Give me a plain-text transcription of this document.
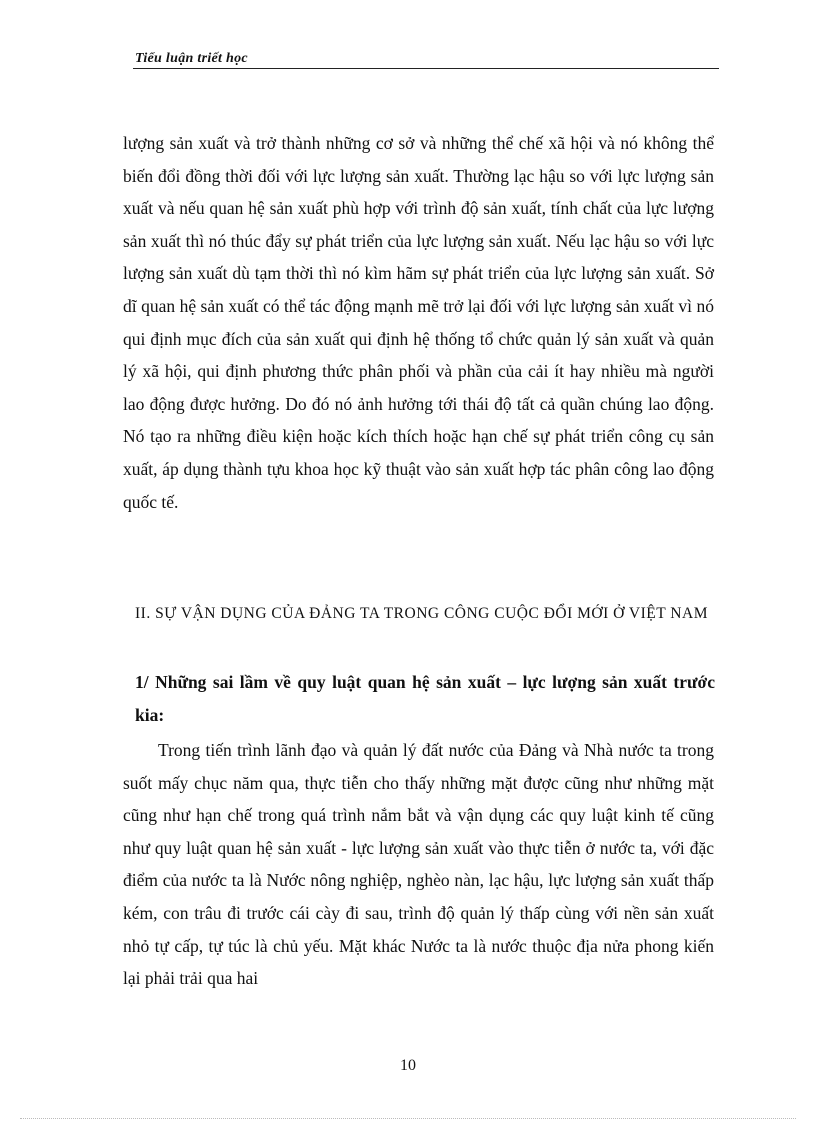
Tiểu luận triết học
lượng sản xuất và trở thành những cơ sở và những thể chế xã hội và nó không thể biến đổi đồng thời đối với lực lượng sản xuất. Thường lạc hậu so với lực lượng sản xuất và nếu quan hệ sản xuất phù hợp với trình độ sản xuất, tính chất của lực lượng sản xuất thì nó thúc đẩy sự phát triển của lực lượng sản xuất. Nếu lạc hậu so với lực lượng sản xuất dù tạm thời thì nó kìm hãm sự phát triển của lực lượng sản xuất. Sở dĩ quan hệ sản xuất có thể tác động mạnh mẽ trở lại đối với lực lượng sản xuất vì nó qui định mục đích của sản xuất qui định hệ thống tổ chức quản lý sản xuất và quản lý xã hội, qui định phương thức phân phối và phần của cải ít hay nhiều mà người lao động được hưởng. Do đó nó ảnh hưởng tới thái độ tất cả quần chúng lao động. Nó tạo ra những điều kiện hoặc kích thích hoặc hạn chế sự phát triển công cụ sản xuất, áp dụng thành tựu khoa học kỹ thuật vào sản xuất hợp tác phân công lao động quốc tế.
II. SỰ VẬN DỤNG CỦA ĐẢNG TA TRONG CÔNG CUỘC ĐỔI MỚI Ở VIỆT NAM
1/ Những sai lầm về quy luật quan hệ sản xuất – lực lượng sản xuất trước kia:
Trong tiến trình lãnh đạo và quản lý đất nước của Đảng và Nhà nước ta trong suốt mấy chục năm qua, thực tiễn cho thấy những mặt được cũng như những mặt cũng như hạn chế trong quá trình nắm bắt và vận dụng các quy luật kinh tế cũng như quy luật quan hệ sản xuất - lực lượng sản xuất vào thực tiễn ở nước ta, với đặc điểm của nước ta là Nước nông nghiệp, nghèo nàn, lạc hậu, lực lượng sản xuất thấp kém, con trâu đi trước cái cày đi sau, trình độ quản lý thấp cùng với nền sản xuất nhỏ tự cấp, tự túc là chủ yếu. Mặt khác Nước ta là nước thuộc địa nửa phong kiến lại phải trải qua hai
10
